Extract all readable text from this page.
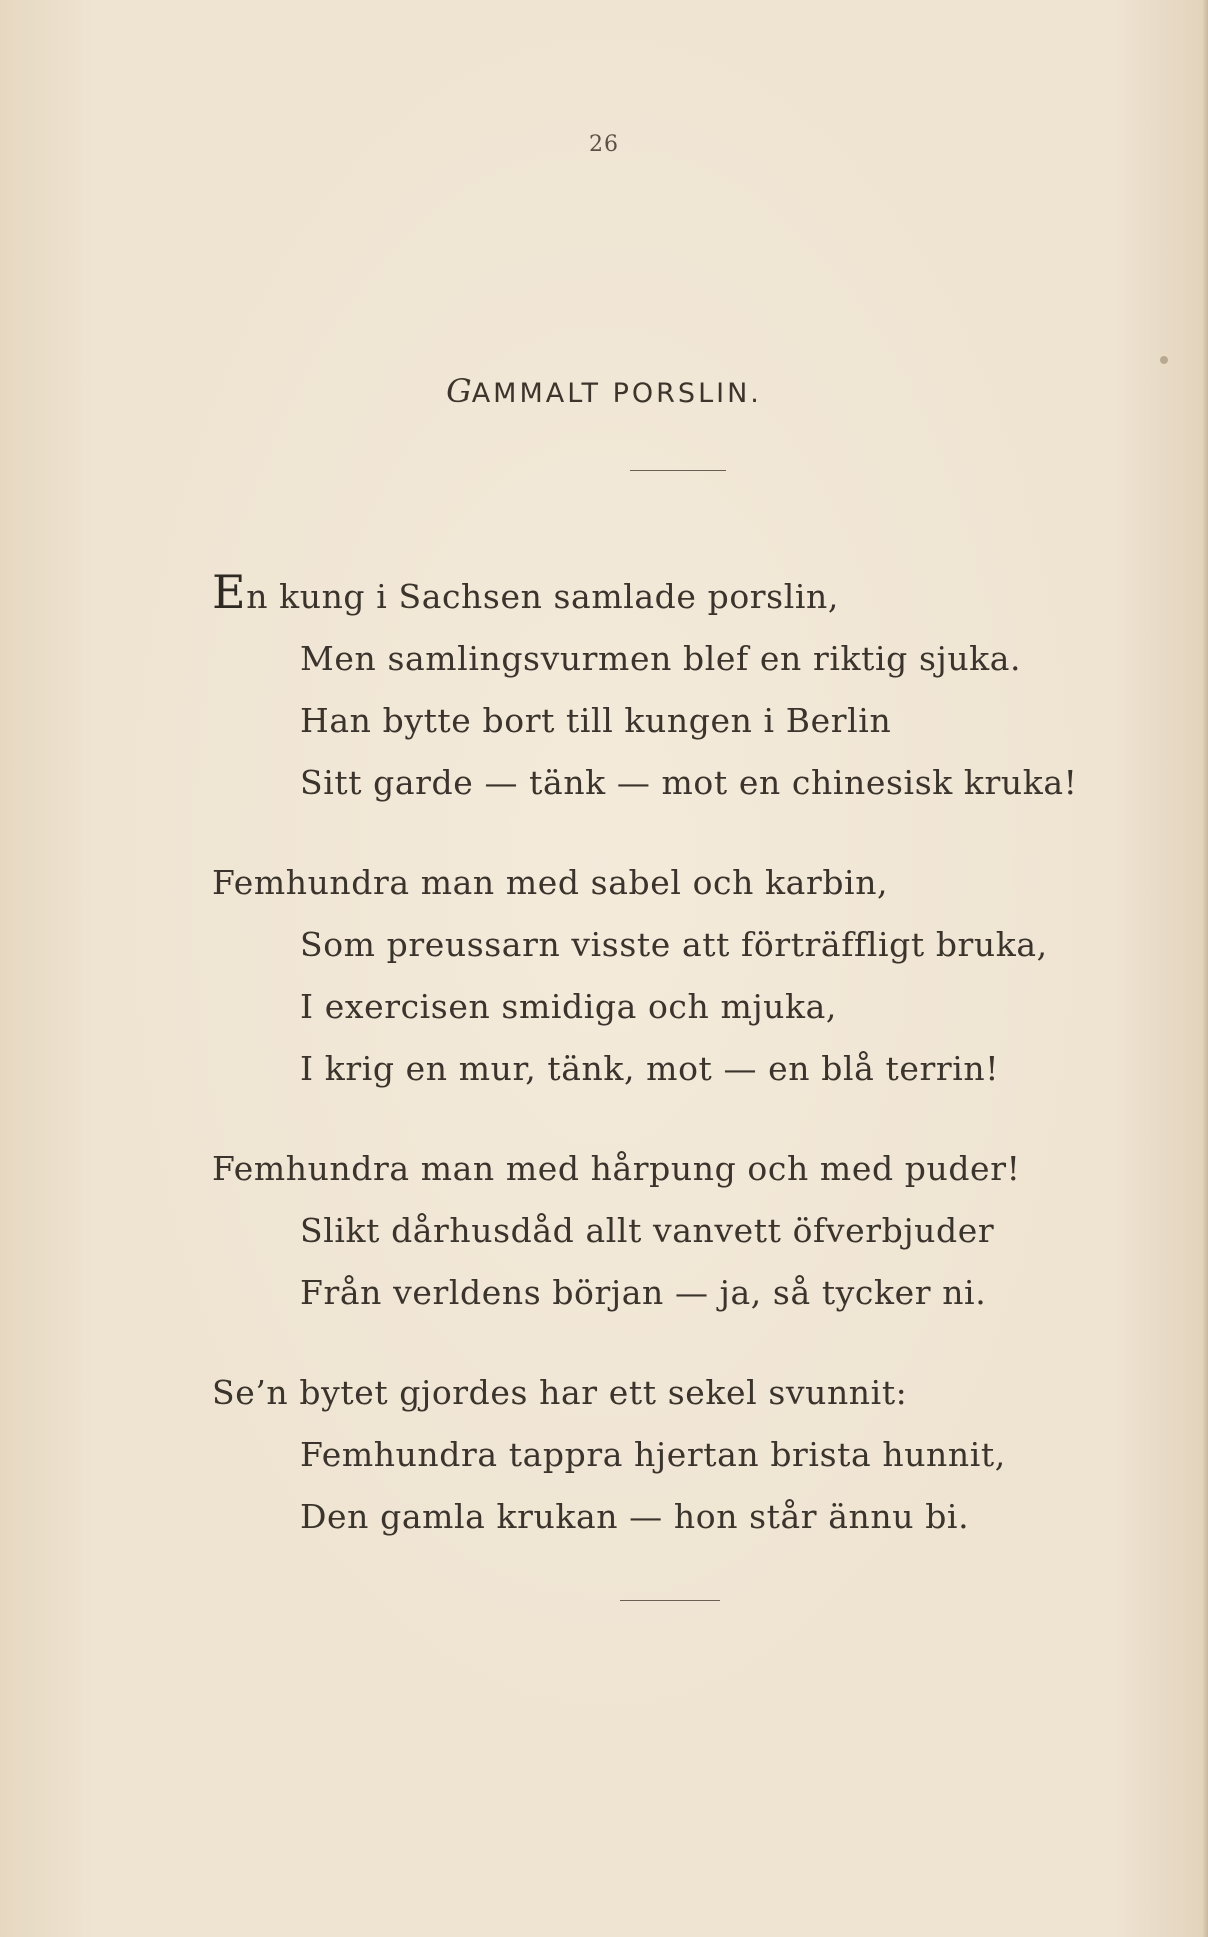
26
GAMMALT PORSLIN.
En kung i Sachsen samlade porslin,
Men samlingsvurmen blef en riktig sjuka.
Han bytte bort till kungen i Berlin
Sitt garde — tänk — mot en chinesisk kruka!
Femhundra man med sabel och karbin,
Som preussarn visste att förträffligt bruka,
I exercisen smidiga och mjuka,
I krig en mur, tänk, mot — en blå terrin!
Femhundra man med hårpung och med puder!
Slikt dårhusdåd allt vanvett öfverbjuder
Från verldens början — ja, så tycker ni.
Se’n bytet gjordes har ett sekel svunnit:
Femhundra tappra hjertan brista hunnit,
Den gamla krukan — hon står ännu bi.
